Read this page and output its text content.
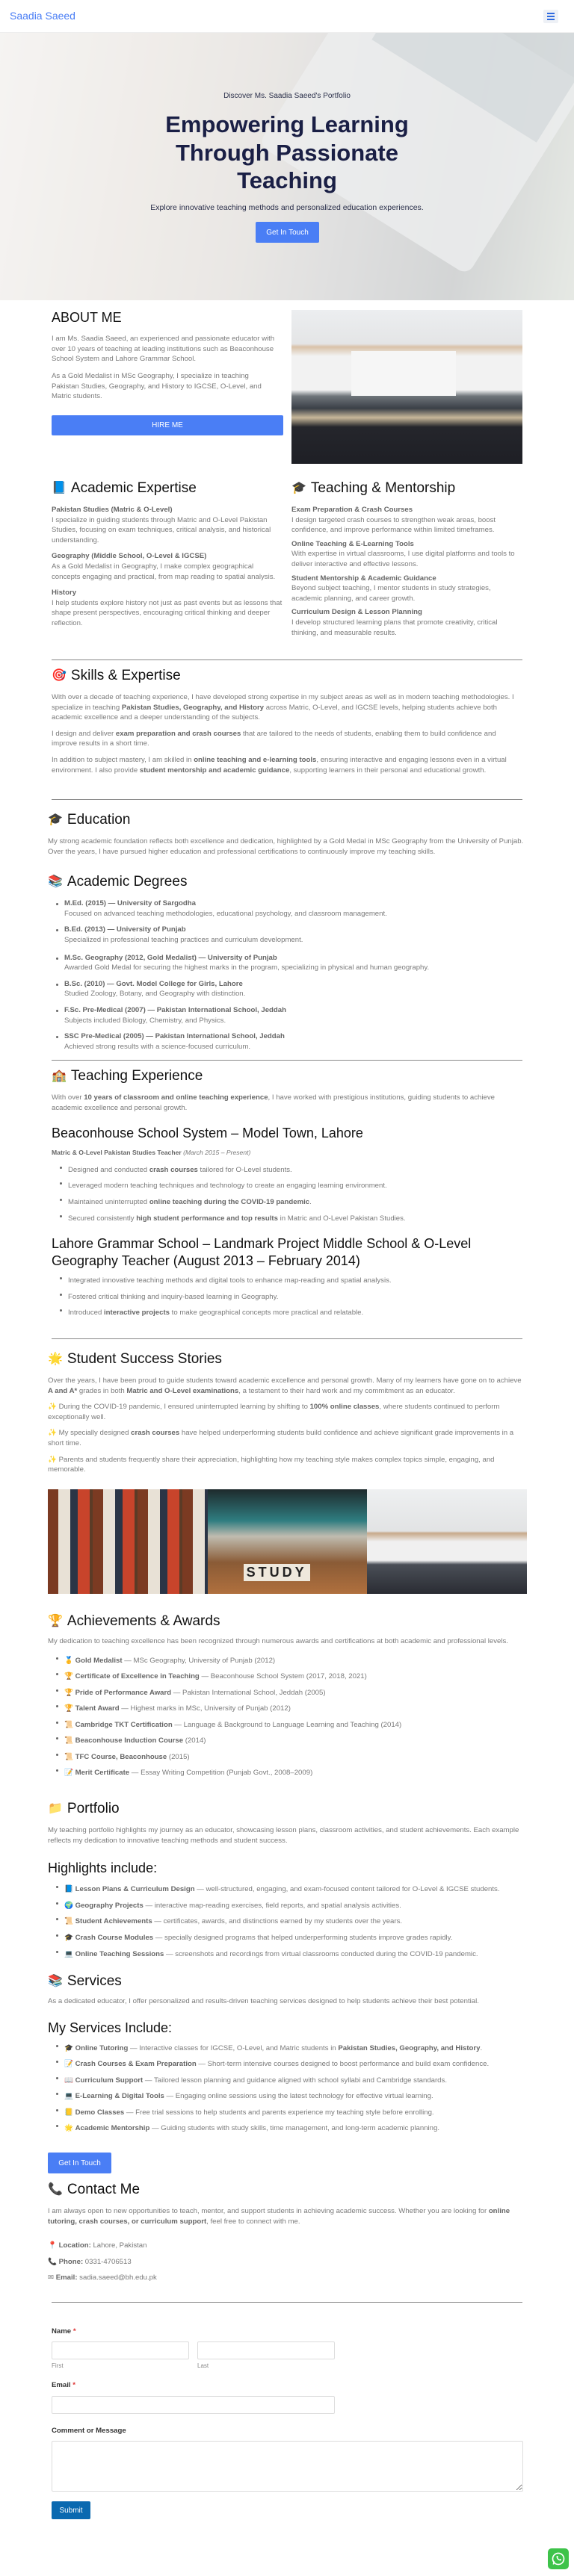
Saadia Saeed
Discover Ms. Saadia Saeed's Portfolio
Empowering Learning Through Passionate Teaching
Explore innovative teaching methods and personalized education experiences.
Get In Touch
ABOUT ME

I am Ms. Saadia Saeed, an experienced and passionate educator with over 10 years of teaching at leading institutions such as Beaconhouse School System and Lahore Grammar School.

As a Gold Medalist in MSc Geography, I specialize in teaching Pakistan Studies, Geography, and History to IGCSE, O-Level, and Matric students.

HIRE ME
📘 Academic Expertise
Pakistan Studies (Matric & O-Level)

I specialize in guiding students through Matric and O-Level Pakistan Studies, focusing on exam techniques, critical analysis, and historical understanding.

Geography (Middle School, O-Level & IGCSE)

As a Gold Medalist in Geography, I make complex geographical concepts engaging and practical, from map reading to spatial analysis.

History

I help students explore history not just as past events but as lessons that shape present perspectives, encouraging critical thinking and deeper reflection.

🎓 Teaching & Mentorship
Exam Preparation & Crash Courses

I design targeted crash courses to strengthen weak areas, boost confidence, and improve performance within limited timeframes.

Online Teaching & E-Learning Tools

With expertise in virtual classrooms, I use digital platforms and tools to deliver interactive and effective lessons.

Student Mentorship & Academic Guidance

Beyond subject teaching, I mentor students in study strategies, academic planning, and career growth.

Curriculum Design & Lesson Planning

I develop structured learning plans that promote creativity, critical thinking, and measurable results.

🎯 Skills & Expertise

With over a decade of teaching experience, I have developed strong expertise in my subject areas as well as in modern teaching methodologies. I specialize in teaching Pakistan Studies, Geography, and History across Matric, O-Level, and IGCSE levels, helping students achieve both academic excellence and a deeper understanding of the subjects.

I design and deliver exam preparation and crash courses that are tailored to the needs of students, enabling them to build confidence and improve results in a short time.

In addition to subject mastery, I am skilled in online teaching and e-learning tools, ensuring interactive and engaging lessons even in a virtual environment. I also provide student mentorship and academic guidance, supporting learners in their personal and educational growth.

🎓 Education

My strong academic foundation reflects both excellence and dedication, highlighted by a Gold Medal in MSc Geography from the University of Punjab. Over the years, I have pursued higher education and professional certifications to continuously improve my teaching skills.

📚 Academic Degrees
M.Ed. (2015) — University of Sargodha
Focused on advanced teaching methodologies, educational psychology, and classroom management.
B.Ed. (2013) — University of Punjab
Specialized in professional teaching practices and curriculum development.
M.Sc. Geography (2012, Gold Medalist) — University of Punjab
Awarded Gold Medal for securing the highest marks in the program, specializing in physical and human geography.
B.Sc. (2010) — Govt. Model College for Girls, Lahore
Studied Zoology, Botany, and Geography with distinction.
F.Sc. Pre-Medical (2007) — Pakistan International School, Jeddah
Subjects included Biology, Chemistry, and Physics.
SSC Pre-Medical (2005) — Pakistan International School, Jeddah
Achieved strong results with a science-focused curriculum.
🏫 Teaching Experience

With over 10 years of classroom and online teaching experience, I have worked with prestigious institutions, guiding students to achieve academic excellence and personal growth.

Beaconhouse School System – Model Town, Lahore

Matric & O-Level Pakistan Studies Teacher (March 2015 – Present)

Designed and conducted crash courses tailored for O-Level students.
Leveraged modern teaching techniques and technology to create an engaging learning environment.
Maintained uninterrupted online teaching during the COVID-19 pandemic.
Secured consistently high student performance and top results in Matric and O-Level Pakistan Studies.
Lahore Grammar School – Landmark Project Middle School & O-Level Geography Teacher (August 2013 – February 2014)
Integrated innovative teaching methods and digital tools to enhance map-reading and spatial analysis.
Fostered critical thinking and inquiry-based learning in Geography.
Introduced interactive projects to make geographical concepts more practical and relatable.
🌟 Student Success Stories

Over the years, I have been proud to guide students toward academic excellence and personal growth. Many of my learners have gone on to achieve A and A* grades in both Matric and O-Level examinations, a testament to their hard work and my commitment as an educator.

✨ During the COVID-19 pandemic, I ensured uninterrupted learning by shifting to 100% online classes, where students continued to perform exceptionally well.

✨ My specially designed crash courses have helped underperforming students build confidence and achieve significant grade improvements in a short time.

✨ Parents and students frequently share their appreciation, highlighting how my teaching style makes complex topics simple, engaging, and memorable.

STUDY
🏆 Achievements & Awards

My dedication to teaching excellence has been recognized through numerous awards and certifications at both academic and professional levels.

🥇 Gold Medalist — MSc Geography, University of Punjab (2012)
🏆 Certificate of Excellence in Teaching — Beaconhouse School System (2017, 2018, 2021)
🏆 Pride of Performance Award — Pakistan International School, Jeddah (2005)
🏆 Talent Award — Highest marks in MSc, University of Punjab (2012)
📜 Cambridge TKT Certification — Language & Background to Language Learning and Teaching (2014)
📜 Beaconhouse Induction Course (2014)
📜 TFC Course, Beaconhouse (2015)
📝 Merit Certificate — Essay Writing Competition (Punjab Govt., 2008–2009)
📁 Portfolio

My teaching portfolio highlights my journey as an educator, showcasing lesson plans, classroom activities, and student achievements. Each example reflects my dedication to innovative teaching methods and student success.

Highlights include:
📘 Lesson Plans & Curriculum Design — well-structured, engaging, and exam-focused content tailored for O-Level & IGCSE students.
🌍 Geography Projects — interactive map-reading exercises, field reports, and spatial analysis activities.
📜 Student Achievements — certificates, awards, and distinctions earned by my students over the years.
🎓 Crash Course Modules — specially designed programs that helped underperforming students improve grades rapidly.
💻 Online Teaching Sessions — screenshots and recordings from virtual classrooms conducted during the COVID-19 pandemic.
📚 Services

As a dedicated educator, I offer personalized and results-driven teaching services designed to help students achieve their best potential.

My Services Include:
🎓 Online Tutoring — Interactive classes for IGCSE, O-Level, and Matric students in Pakistan Studies, Geography, and History.
📝 Crash Courses & Exam Preparation — Short-term intensive courses designed to boost performance and build exam confidence.
📖 Curriculum Support — Tailored lesson planning and guidance aligned with school syllabi and Cambridge standards.
💻 E-Learning & Digital Tools — Engaging online sessions using the latest technology for effective virtual learning.
📒 Demo Classes — Free trial sessions to help students and parents experience my teaching style before enrolling.
🌟 Academic Mentorship — Guiding students with study skills, time management, and long-term academic planning.
Get In Touch
📞 Contact Me

I am always open to new opportunities to teach, mentor, and support students in achieving academic success. Whether you are looking for online tutoring, crash courses, or curriculum support, feel free to connect with me.

📍 Location: Lahore, Pakistan

📞 Phone: 0331-4706513

✉ Email: sadia.saeed@bh.edu.pk

Name *
First	Last
Email *
Comment or Message
Submit
